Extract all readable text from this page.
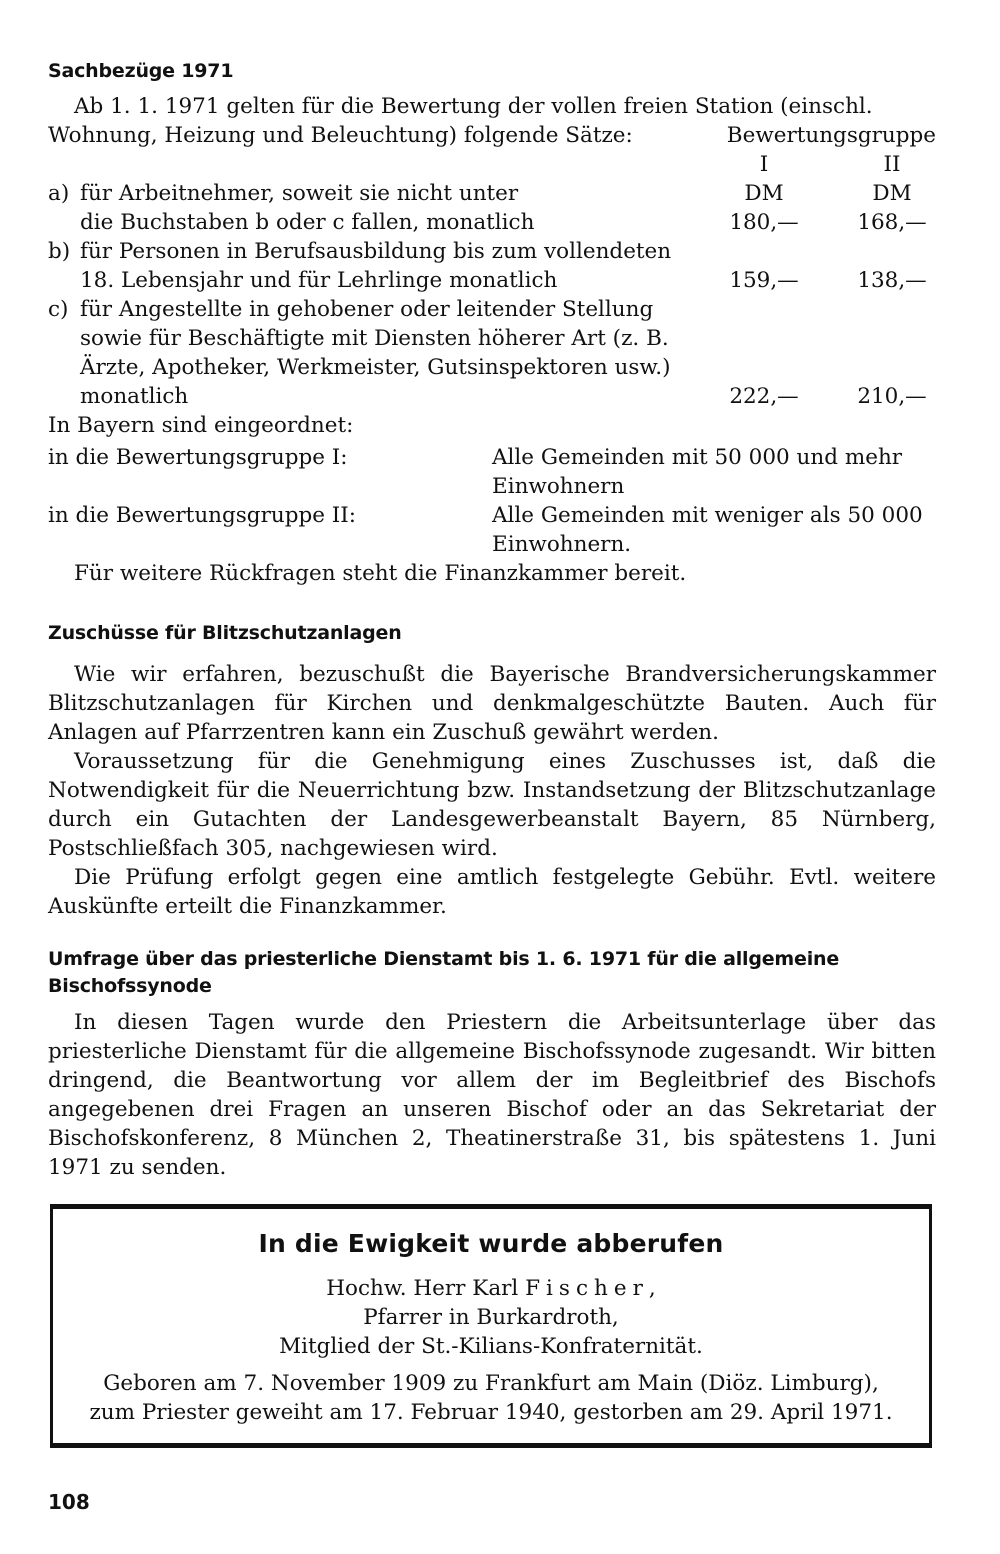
Sachbezüge 1971

Ab 1. 1. 1971 gelten für die Bewertung der vollen freien Station (einschl.

Wohnung, Heizung und Beleuchtung) folgende Sätze:	Bewertungsgruppe
I	II
a) für Arbeitnehmer, soweit sie nicht unter	DM	DM
die Buchstaben b oder c fallen, monatlich	180,—	168,—
b) für Personen in Berufsausbildung bis zum vollendeten
18. Lebensjahr und für Lehrlinge monatlich	159,—	138,—
c) für Angestellte in gehobener oder leitender Stellung
sowie für Beschäftigte mit Diensten höherer Art (z. B.
Ärzte, Apotheker, Werkmeister, Gutsinspektoren usw.)
monatlich	222,—	210,—
In Bayern sind eingeordnet:
in die Bewertungsgruppe I:	Alle Gemeinden mit 50 000 und mehr
Einwohnern
in die Bewertungsgruppe II:	Alle Gemeinden mit weniger als 50 000
Einwohnern.

Für weitere Rückfragen steht die Finanzkammer bereit.

Zuschüsse für Blitzschutzanlagen

Wie wir erfahren, bezuschußt die Bayerische Brandversicherungskammer Blitzschutzanlagen für Kirchen und denkmalgeschützte Bauten. Auch für Anlagen auf Pfarrzentren kann ein Zuschuß gewährt werden.

Voraussetzung für die Genehmigung eines Zuschusses ist, daß die Notwendigkeit für die Neuerrichtung bzw. Instandsetzung der Blitzschutzanlage durch ein Gutachten der Landesgewerbeanstalt Bayern, 85 Nürnberg, Postschließfach 305, nachgewiesen wird.

Die Prüfung erfolgt gegen eine amtlich festgelegte Gebühr. Evtl. weitere Auskünfte erteilt die Finanzkammer.

Umfrage über das priesterliche Dienstamt bis 1. 6. 1971 für die allgemeine Bischofssynode

In diesen Tagen wurde den Priestern die Arbeitsunterlage über das priesterliche Dienstamt für die allgemeine Bischofssynode zugesandt. Wir bitten dringend, die Beantwortung vor allem der im Begleitbrief des Bischofs angegebenen drei Fragen an unseren Bischof oder an das Sekretariat der Bischofskonferenz, 8 München 2, Theatinerstraße 31, bis spätestens 1. Juni 1971 zu senden.

In die Ewigkeit wurde abberufen
Hochw. Herr Karl Fischer,
Pfarrer in Burkardroth,
Mitglied der St.-Kilians-Konfraternität.
Geboren am 7. November 1909 zu Frankfurt am Main (Diöz. Limburg),
zum Priester geweiht am 17. Februar 1940, gestorben am 29. April 1971.
108
